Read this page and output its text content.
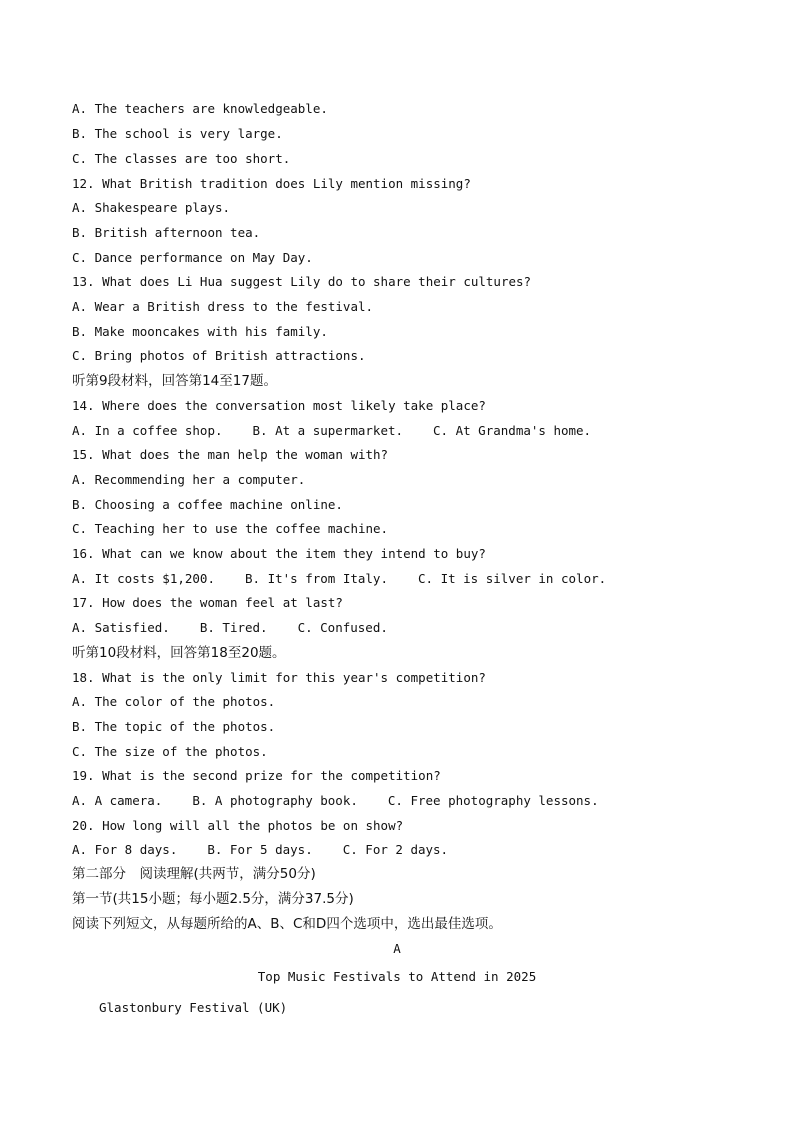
A. The teachers are knowledgeable.
B. The school is very large.
C. The classes are too short.
12. What British tradition does Lily mention missing?
A. Shakespeare plays.
B. British afternoon tea.
C. Dance performance on May Day.
13. What does Li Hua suggest Lily do to share their cultures?
A. Wear a British dress to the festival.
B. Make mooncakes with his family.
C. Bring photos of British attractions.
听第9段材料，回答第14至17题。
14. Where does the conversation most likely take place?
A. In a coffee shop. B. At a supermarket. C. At Grandma's home.
15. What does the man help the woman with?
A. Recommending her a computer.
B. Choosing a coffee machine online.
C. Teaching her to use the coffee machine.
16. What can we know about the item they intend to buy?
A. It costs $1,200. B. It's from Italy. C. It is silver in color.
17. How does the woman feel at last?
A. Satisfied. B. Tired. C. Confused.
听第10段材料，回答第18至20题。
18. What is the only limit for this year's competition?
A. The color of the photos.
B. The topic of the photos.
C. The size of the photos.
19. What is the second prize for the competition?
A. A camera. B. A photography book. C. Free photography lessons.
20. How long will all the photos be on show?
A. For 8 days. B. For 5 days. C. For 2 days.
第二部分　阅读理解(共两节，满分50分)
第一节(共15小题；每小题2.5分，满分37.5分)
阅读下列短文，从每题所给的A、B、C和D四个选项中，选出最佳选项。
A
Top Music Festivals to Attend in 2025
Glastonbury Festival (UK)
